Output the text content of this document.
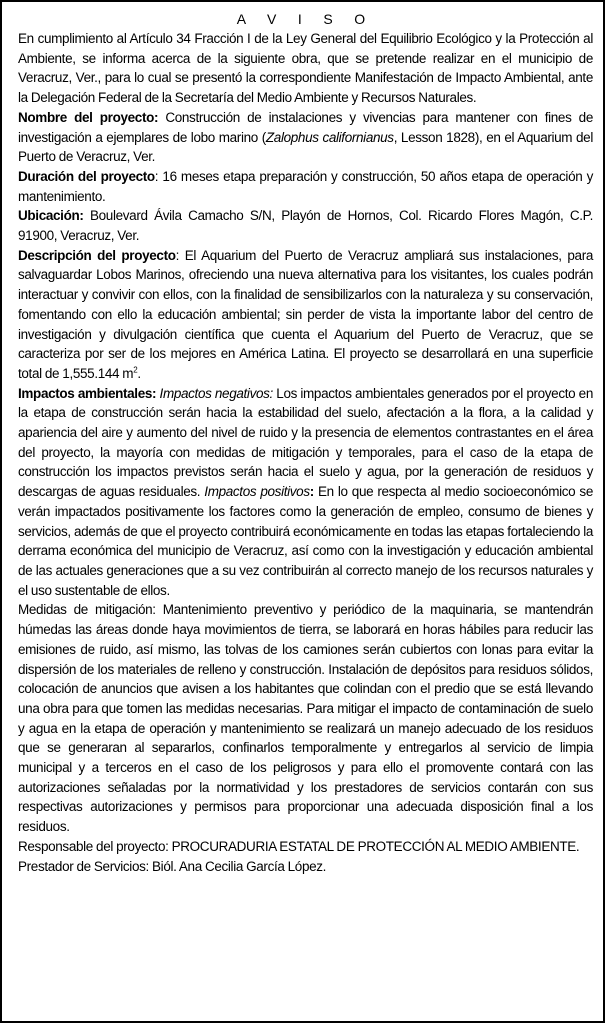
A V I S O

En cumplimiento al Artículo 34 Fracción I de la Ley General del Equilibrio Ecológico y la Protección al Ambiente, se informa acerca de la siguiente obra, que se pretende realizar en el municipio de Veracruz, Ver., para lo cual se presentó la correspondiente Manifestación de Impacto Ambiental, ante la Delegación Federal de la Secretaría del Medio Ambiente y Recursos Naturales.

Nombre del proyecto: Construcción de instalaciones y vivencias para mantener con fines de investigación a ejemplares de lobo marino (Zalophus californianus, Lesson 1828), en el Aquarium del Puerto de Veracruz, Ver.

Duración del proyecto: 16 meses etapa preparación y construcción, 50 años etapa de operación y mantenimiento.

Ubicación: Boulevard Ávila Camacho S/N, Playón de Hornos, Col. Ricardo Flores Magón, C.P. 91900, Veracruz, Ver.

Descripción del proyecto: El Aquarium del Puerto de Veracruz ampliará sus instalaciones, para salvaguardar Lobos Marinos, ofreciendo una nueva alternativa para los visitantes, los cuales podrán interactuar y convivir con ellos, con la finalidad de sensibilizarlos con la naturaleza y su conservación, fomentando con ello la educación ambiental; sin perder de vista la importante labor del centro de investigación y divulgación científica que cuenta el Aquarium del Puerto de Veracruz, que se caracteriza por ser de los mejores en América Latina. El proyecto se desarrollará en una superficie total de 1,555.144 $m^2$.

Impactos ambientales: Impactos negativos: Los impactos ambientales generados por el proyecto en la etapa de construcción serán hacia la estabilidad del suelo, afectación a la flora, a la calidad y apariencia del aire y aumento del nivel de ruido y la presencia de elementos contrastantes en el área del proyecto, la mayoría con medidas de mitigación y temporales, para el caso de la etapa de construcción los impactos previstos serán hacia el suelo y agua, por la generación de residuos y descargas de aguas residuales. Impactos positivos: En lo que respecta al medio socioeconómico se verán impactados positivamente los factores como la generación de empleo, consumo de bienes y servicios, además de que el proyecto contribuirá económicamente en todas las etapas fortaleciendo la derrama económica del municipio de Veracruz, así como con la investigación y educación ambiental de las actuales generaciones que a su vez contribuirán al correcto manejo de los recursos naturales y el uso sustentable de ellos.

Medidas de mitigación: Mantenimiento preventivo y periódico de la maquinaria, se mantendrán húmedas las áreas donde haya movimientos de tierra, se laborará en horas hábiles para reducir las emisiones de ruido, así mismo, las tolvas de los camiones serán cubiertos con lonas para evitar la dispersión de los materiales de relleno y construcción. Instalación de depósitos para residuos sólidos, colocación de anuncios que avisen a los habitantes que colindan con el predio que se está llevando una obra para que tomen las medidas necesarias. Para mitigar el impacto de contaminación de suelo y agua en la etapa de operación y mantenimiento se realizará un manejo adecuado de los residuos que se generaran al separarlos, confinarlos temporalmente y entregarlos al servicio de limpia municipal y a terceros en el caso de los peligrosos y para ello el promovente contará con las autorizaciones señaladas por la normatividad y los prestadores de servicios contarán con sus respectivas autorizaciones y permisos para proporcionar una adecuada disposición final a los residuos.

Responsable del proyecto: PROCURADURIA ESTATAL DE PROTECCIÓN AL MEDIO AMBIENTE.

Prestador de Servicios: Biól. Ana Cecilia García López.
